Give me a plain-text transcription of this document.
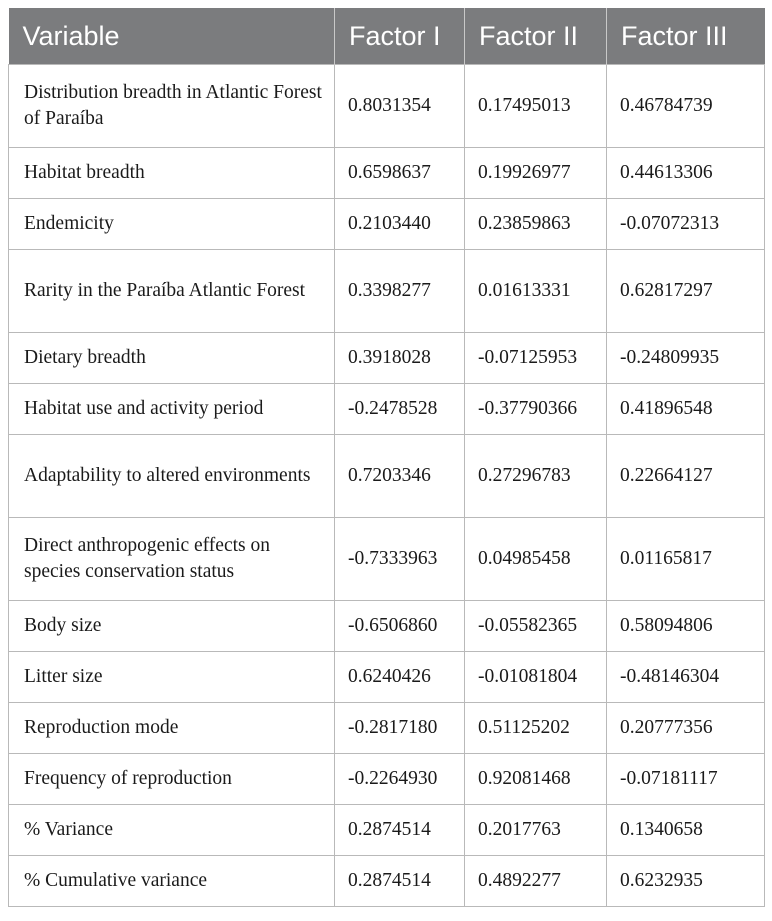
Variable	Factor I	Factor II	Factor III
Distribution breadth in Atlantic Forest of Paraíba	0.8031354	0.17495013	0.46784739
Habitat breadth	0.6598637	0.19926977	0.44613306
Endemicity	0.2103440	0.23859863	-0.07072313
Rarity in the Paraíba Atlantic Forest	0.3398277	0.01613331	0.62817297
Dietary breadth	0.3918028	-0.07125953	-0.24809935
Habitat use and activity period	-0.2478528	-0.37790366	0.41896548
Adaptability to altered environments	0.7203346	0.27296783	0.22664127
Direct anthropogenic effects on species conservation status	-0.7333963	0.04985458	0.01165817
Body size	-0.6506860	-0.05582365	0.58094806
Litter size	0.6240426	-0.01081804	-0.48146304
Reproduction mode	-0.2817180	0.51125202	0.20777356
Frequency of reproduction	-0.2264930	0.92081468	-0.07181117
% Variance	0.2874514	0.2017763	0.1340658
% Cumulative variance	0.2874514	0.4892277	0.6232935
